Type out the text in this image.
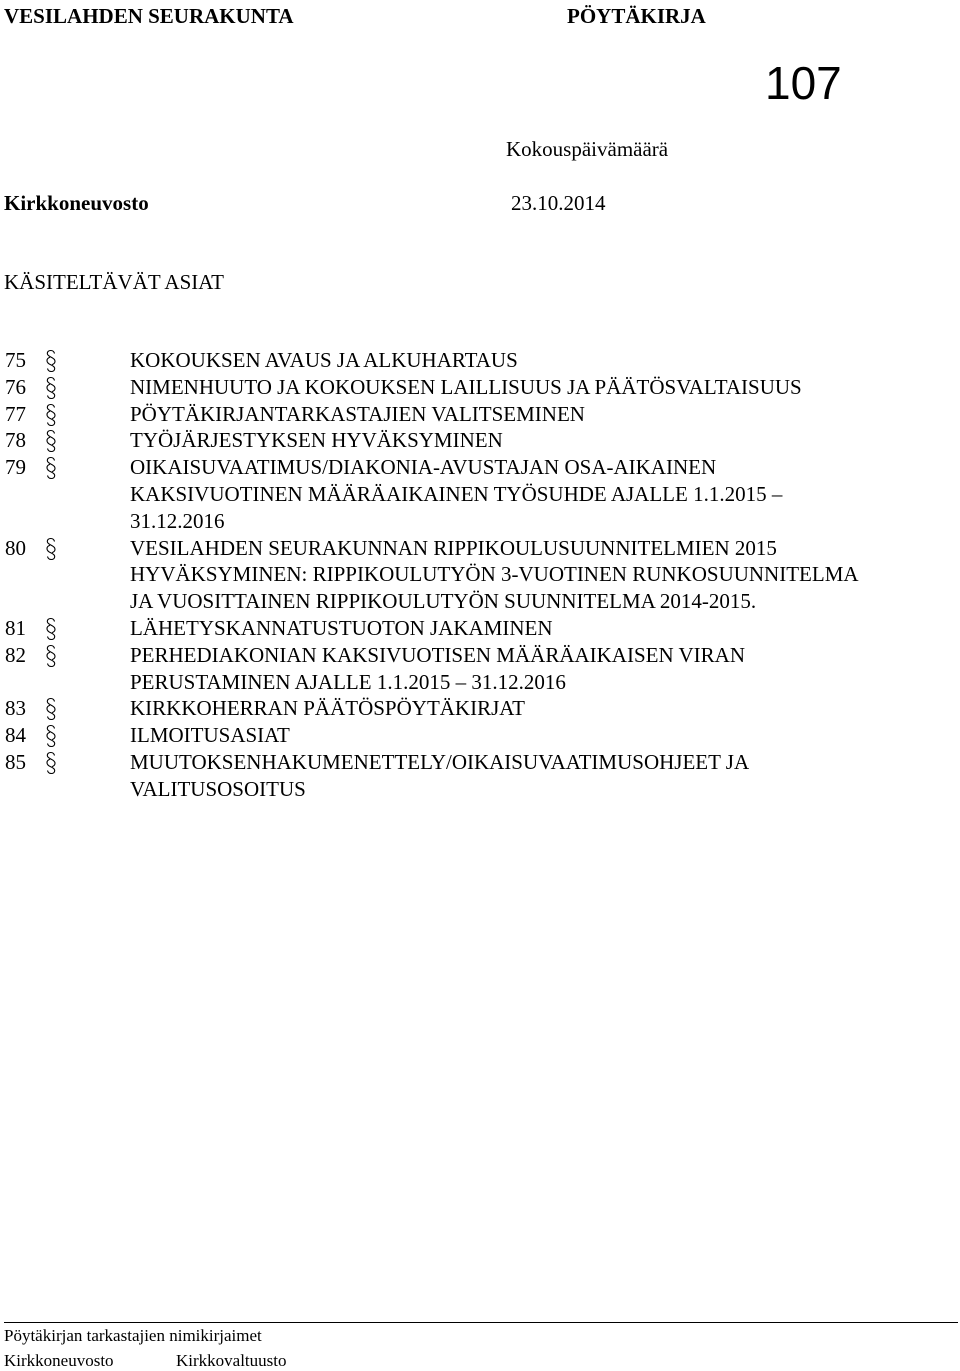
VESILAHDEN SEURAKUNTA	PÖYTÄKIRJA
107
Kokouspäivämäärä
Kirkkoneuvosto	23.10.2014
KÄSITELTÄVÄT ASIAT
75	KOKOUKSEN AVAUS JA ALKUHARTAUS
76	NIMENHUUTO JA KOKOUKSEN LAILLISUUS JA PÄÄTÖSVALTAISUUS
77	PÖYTÄKIRJANTARKASTAJIEN VALITSEMINEN
78	TYÖJÄRJESTYKSEN HYVÄKSYMINEN
79	OIKAISUVAATIMUS/DIAKONIA-AVUSTAJAN OSA-AIKAINEN
KAKSIVUOTINEN MÄÄRÄAIKAINEN TYÖSUHDE AJALLE 1.1.2015 –
31.12.2016
80	VESILAHDEN SEURAKUNNAN RIPPIKOULUSUUNNITELMIEN 2015
HYVÄKSYMINEN: RIPPIKOULUTYÖN 3-VUOTINEN RUNKOSUUNNITELMA
JA VUOSITTAINEN RIPPIKOULUTYÖN SUUNNITELMA 2014-2015.
81	LÄHETYSKANNATUSTUOTON JAKAMINEN
82	PERHEDIAKONIAN KAKSIVUOTISEN MÄÄRÄAIKAISEN VIRAN
PERUSTAMINEN AJALLE 1.1.2015 – 31.12.2016
83	KIRKKOHERRAN PÄÄTÖSPÖYTÄKIRJAT
84	ILMOITUSASIAT
85	MUUTOKSENHAKUMENETTELY/OIKAISUVAATIMUSOHJEET JA
VALITUSOSOITUS
Pöytäkirjan tarkastajien nimikirjaimet
Kirkkoneuvosto	Kirkkovaltuusto
